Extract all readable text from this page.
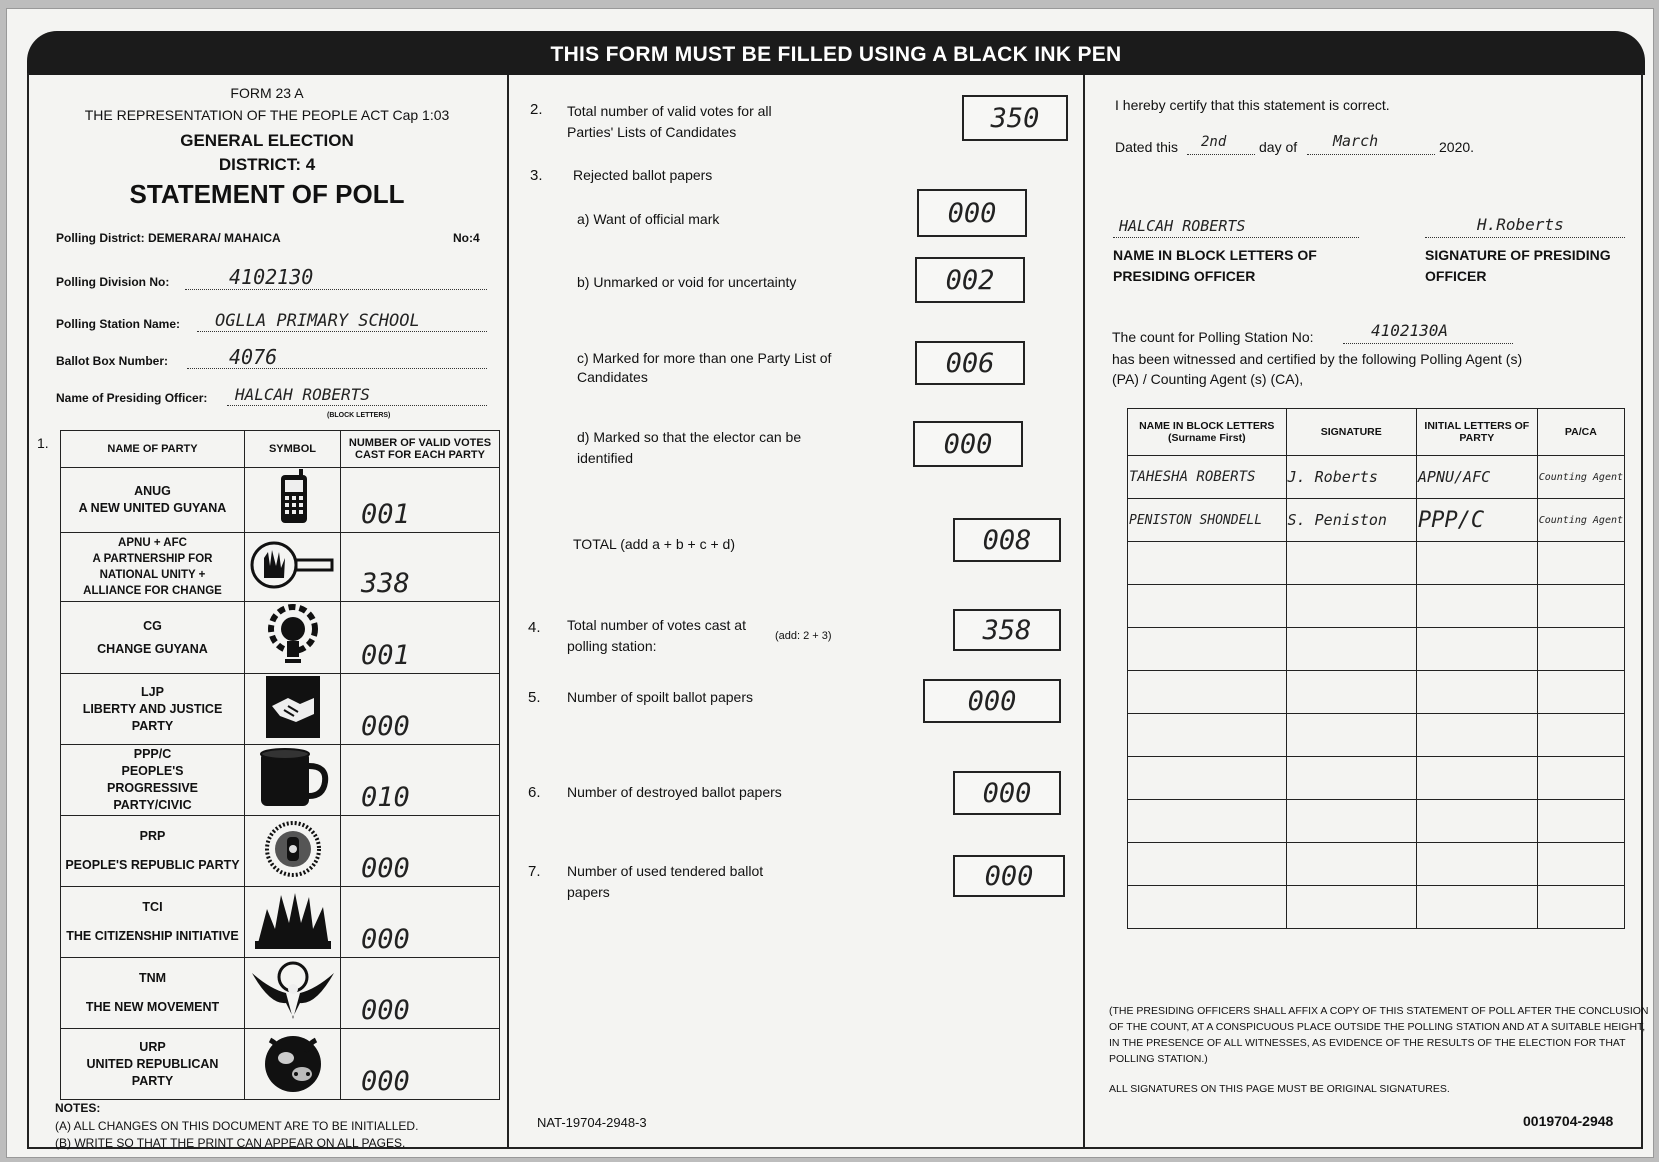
THIS FORM MUST BE FILLED USING A BLACK INK PEN
FORM 23 A
THE REPRESENTATION OF THE PEOPLE ACT Cap 1:03
GENERAL ELECTION
DISTRICT: 4
STATEMENT OF POLL
Polling District: DEMERARA/ MAHAICA	No:4
Polling Division No:	4102130
Polling Station Name: OGLLA PRIMARY SCHOOL
Ballot Box Number:	4076
Name of Presiding Officer: HALCAH ROBERTS
(BLOCK LETTERS)
1.	NAME OF PARTY	SYMBOL	NUMBER OF VALID VOTES CAST FOR EACH PARTY

ANUG
A NEW UNITED GUYANA		001

APNU + AFC
A PARTNERSHIP FOR NATIONAL UNITY + ALLIANCE FOR CHANGE		338

CG
CHANGE GUYANA		001

LJP
LIBERTY AND JUSTICE PARTY		000

PPP/C
PEOPLE'S PROGRESSIVE PARTY/CIVIC		010

PRP
PEOPLE'S REPUBLIC PARTY		000

TCI
THE CITIZENSHIP INITIATIVE		000

TNM
THE NEW MOVEMENT		000

URP
UNITED REPUBLICAN PARTY		000
NOTES:
(A) ALL CHANGES ON THIS DOCUMENT ARE TO BE INITIALLED.
(B) WRITE SO THAT THE PRINT CAN APPEAR ON ALL PAGES.
2. Total number of valid votes for all Parties' Lists of Candidates	350
3. Rejected ballot papers
a) Want of official mark	000
b) Unmarked or void for uncertainty	002
c) Marked for more than one Party List of Candidates	006
d) Marked so that the elector can be identified	000
TOTAL (add a + b + c + d)	008
4. Total number of votes cast at polling station:
(add: 2 + 3)	358
5. Number of spoilt ballot papers	000
6. Number of destroyed ballot papers	000
7. Number of used tendered ballot papers	000
NAT-19704-2948-3
I hereby certify that this statement is correct.
Dated this 2nd day of March	2020.
HALCAH ROBERTS
NAME IN BLOCK LETTERS OF PRESIDING OFFICER
H.Roberts
SIGNATURE OF PRESIDING OFFICER
The count for Polling Station No:	4102130A
has been witnessed and certified by the following Polling Agent (s) (PA) / Counting Agent (s) (CA),
NAME IN BLOCK LETTERS (Surname First)	SIGNATURE	INITIAL LETTERS OF PARTY	PA/CA
TAHESHA ROBERTS	J. Roberts	APNU/AFC	Counting Agent
PENISTON SHONDELL	S. Peniston	PPP/C	Counting Agent

(THE PRESIDING OFFICERS SHALL AFFIX A COPY OF THIS STATEMENT OF POLL AFTER THE CONCLUSION OF THE COUNT, AT A CONSPICUOUS PLACE OUTSIDE THE POLLING STATION AND AT A SUITABLE HEIGHT, IN THE PRESENCE OF ALL WITNESSES, AS EVIDENCE OF THE RESULTS OF THE ELECTION FOR THAT POLLING STATION.)
ALL SIGNATURES ON THIS PAGE MUST BE ORIGINAL SIGNATURES.
0019704-2948
